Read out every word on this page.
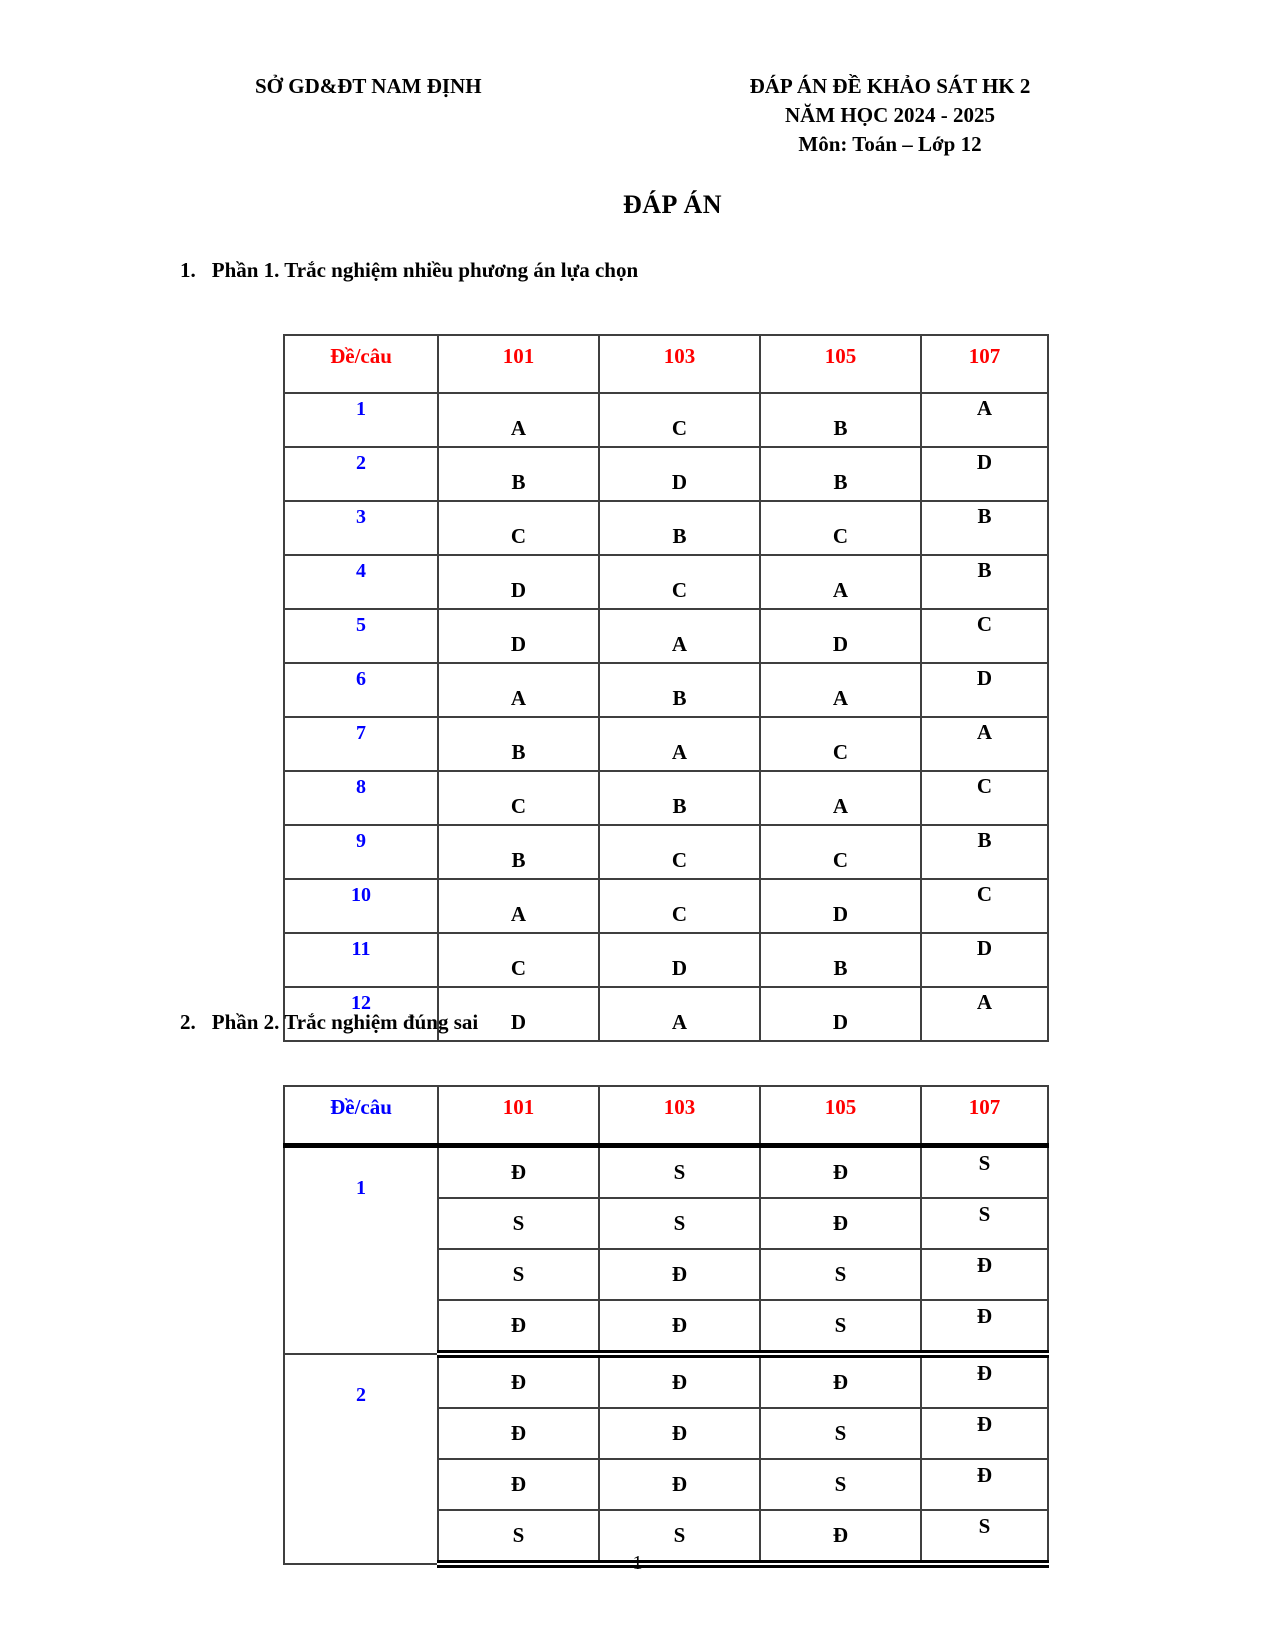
SỞ GD&ĐT NAM ĐỊNH	ĐÁP ÁN ĐỀ KHẢO SÁT HK 2
NĂM HỌC 2024 - 2025
Môn: Toán – Lớp 12
ĐÁP ÁN
1. Phần 1. Trắc nghiệm nhiều phương án lựa chọn
Đề/câu	101	103	105	107
1	A	C	B	A
2	B	D	B	D
3	C	B	C	B
4	D	C	A	B
5	D	A	D	C
6	A	B	A	D
7	B	A	C	A
8	C	B	A	C
9	B	C	C	B
10	A	C	D	C
11	C	D	B	D
12	D	A	D	A
2. Phần 2. Trắc nghiệm đúng sai
Đề/câu	101	103	105	107
1	Đ	S	Đ	S
	S	S	Đ	S
	S	Đ	S	Đ
	Đ	Đ	S	Đ
2	Đ	Đ	Đ	Đ
	Đ	Đ	S	Đ
	Đ	Đ	S	Đ
	S	S	Đ	S
1
